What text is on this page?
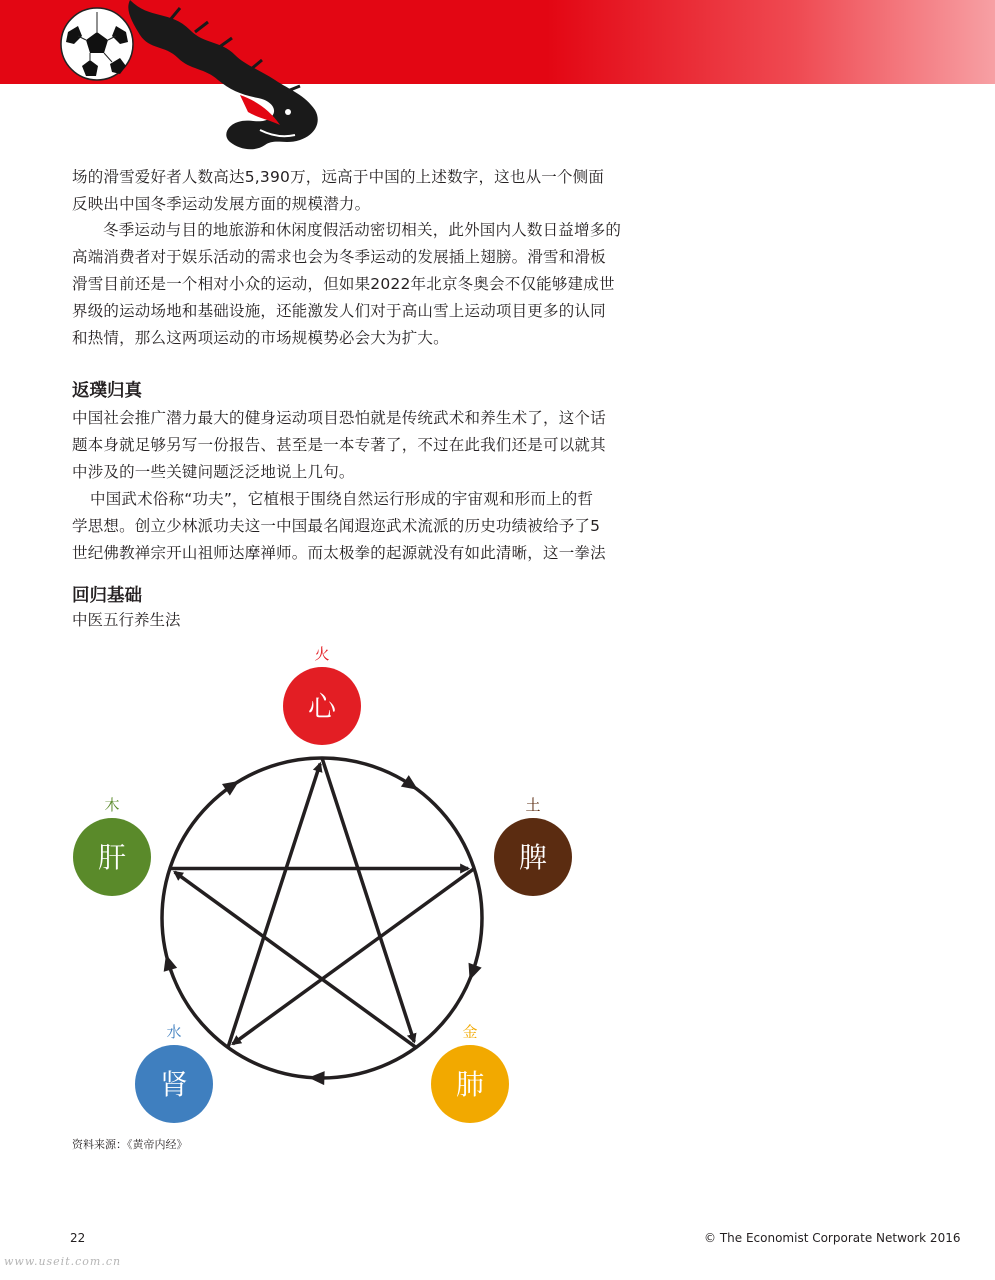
场的滑雪爱好者人数高达5,390万，远高于中国的上述数字，这也从一个侧面
反映出中国冬季运动发展方面的规模潜力。
冬季运动与目的地旅游和休闲度假活动密切相关，此外国内人数日益增多的
高端消费者对于娱乐活动的需求也会为冬季运动的发展插上翅膀。滑雪和滑板
滑雪目前还是一个相对小众的运动，但如果2022年北京冬奥会不仅能够建成世
界级的运动场地和基础设施，还能激发人们对于高山雪上运动项目更多的认同
和热情，那么这两项运动的市场规模势必会大为扩大。
返璞归真
中国社会推广潜力最大的健身运动项目恐怕就是传统武术和养生术了，这个话
题本身就足够另写一份报告、甚至是一本专著了，不过在此我们还是可以就其
中涉及的一些关键问题泛泛地说上几句。
中国武术俗称“功夫”，它植根于围绕自然运行形成的宇宙观和形而上的哲
学思想。创立少林派功夫这一中国最名闻遐迩武术流派的历史功绩被给予了5
世纪佛教禅宗开山祖师达摩禅师。而太极拳的起源就没有如此清晰，这一拳法
回归基础
中医五行养生法
心
火
脾
土
肺
金
肾
水
肝
木
资料来源：《黄帝内经》
22	© The Economist Corporate Network 2016
www.useit.com.cn
